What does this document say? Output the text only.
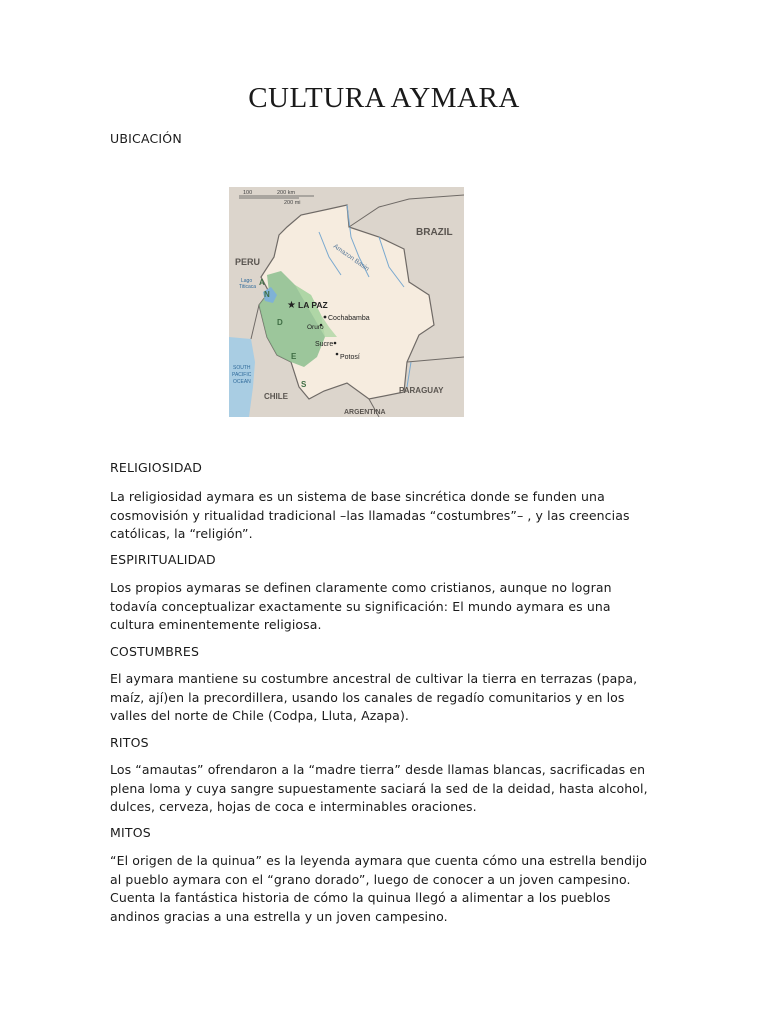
CULTURA AYMARA
UBICACIÓN
100	200 km
200 mi
BRAZIL
PERU
PARAGUAY
CHILE
ARGENTINA
Lago
Titicaca
SOUTH
PACIFIC
OCEAN
Amazon Basin
A
N
D
E
S
★ LA PAZ
Cochabamba
Oruro
Sucre
Potosí
RELIGIOSIDAD
La religiosidad aymara es un sistema de base sincrética donde se funden una cosmovisión y ritualidad tradicional –las llamadas “costumbres”– , y las creencias católicas, la “religión”.
ESPIRITUALIDAD
Los propios aymaras se definen claramente como cristianos, aunque no logran todavía conceptualizar exactamente su significación: El mundo aymara es una cultura eminentemente religiosa.
COSTUMBRES
El aymara mantiene su costumbre ancestral de cultivar la tierra en terrazas (papa, maíz, ají)en la precordillera, usando los canales de regadío comunitarios y en los valles del norte de Chile (Codpa, Lluta, Azapa).
RITOS
Los “amautas” ofrendaron a la “madre tierra” desde llamas blancas, sacrificadas en plena loma y cuya sangre supuestamente saciará la sed de la deidad, hasta alcohol, dulces, cerveza, hojas de coca e interminables oraciones.
MITOS
“El origen de la quinua” es la leyenda aymara que cuenta cómo una estrella bendijo al pueblo aymara con el “grano dorado”, luego de conocer a un joven campesino. Cuenta la fantástica historia de cómo la quinua llegó a alimentar a los pueblos andinos gracias a una estrella y un joven campesino.
